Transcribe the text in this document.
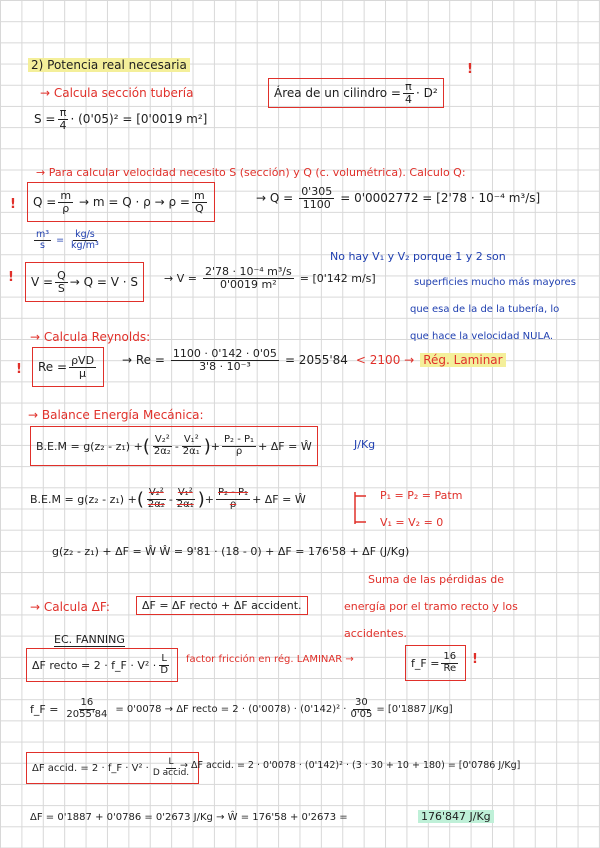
2) Potencia real necesaria	!
Área de un cilindro = $\frac{\pi}{4} \cdot D^2$
→ Calcula sección tubería
$S = \frac{\pi}{4} \cdot (0'05)^2 = [0'0019$ m²]
→ Para calcular velocidad necesito S (sección) y Q (c. volumétrica). Calculo Q:
! $Q = \frac{m}{\rho} \to m = Q \cdot \rho \to \rho = \frac{m}{Q}$	→ $Q = \frac{0'305}{1100} = 0'0002772 = [2'78 \cdot 10^{-4}$ m³/s]
$\frac{\text{m³}}{s} = \frac{kg/s}{\text{kg/m³}}$
! $V = \frac{Q}{S} \to Q = V \cdot S \to V = \frac{\text{2'78 · 10⁻⁴ m³/s}}{\text{0'0019 m²}} = [0'142$ m/s]
No hay V₁ y V₂ porque 1 y 2 son
superficies mucho más mayores
que esa de la de la tubería, lo
que hace la velocidad NULA.
→ Calcula Reynolds:
! $Re = \frac{\text{ρVD}}{\mu} \to Re = \frac{1100 \cdot 0'142 \cdot 0'05}{\text{3'8 · 10⁻³}} = 2055'84 < 2100$ → Rég. Laminar
→ Balance Energía Mecánica:
B.E.M = g(z₂ - z₁) + ( $\frac{\text{V₂²}}{\text{2α₂}} - \frac{\text{V₁²}}{\text{2α₁}}$ ) + $\frac{\text{P₂ - P₁}}{\rho} + \Delta F$ = Ŵ	J/Kg
B.E.M = g(z₂ - z₁) + ( $\frac{\text{V₂²}}{\text{2α₂}} - \frac{\text{V₁²}}{\text{2α₁}}$ ) + $\frac{\text{P₂ - P₁}}{\rho} + \Delta F$ = Ŵ	P₁ = P₂ = Patm
V₁ = V₂ = 0
g(z₂ - z₁) + ΔF = Ŵ Ŵ = 9'81 · (18 - 0) + ΔF = 176'58 + ΔF (J/Kg)
Suma de las pérdidas de
energía por el tramo recto y los
accidentes.
→ Calcula ΔF:	ΔF = ΔF recto + ΔF accident.
EC. FANNING
ΔF recto = 2 · f_F · $V^2 \cdot \frac{L}{D}$ factor fricción en rég. LAMINAR →	f_F = $\frac{16}{Re}$ !
f_F = $\frac{16}{2055'84} = 0'0078 \to \Delta F$ recto = $2 \cdot (0'0078) \cdot (0'142)^2 \cdot \frac{30}{0'05} = [0'1887$ J/Kg]
ΔF accid. = 2 · f_F · $V^2 \cdot \frac{L}{\text{D accid.}}$
→ ΔF accid. = 2 · 0'0078 · (0'142)² · (3 · 30 + 10 + 180) = [0'0786 J/Kg]
ΔF = 0'1887 + 0'0786 = 0'2673 J/Kg → Ŵ = 176'58 + 0'2673 =	176'847 J/Kg
